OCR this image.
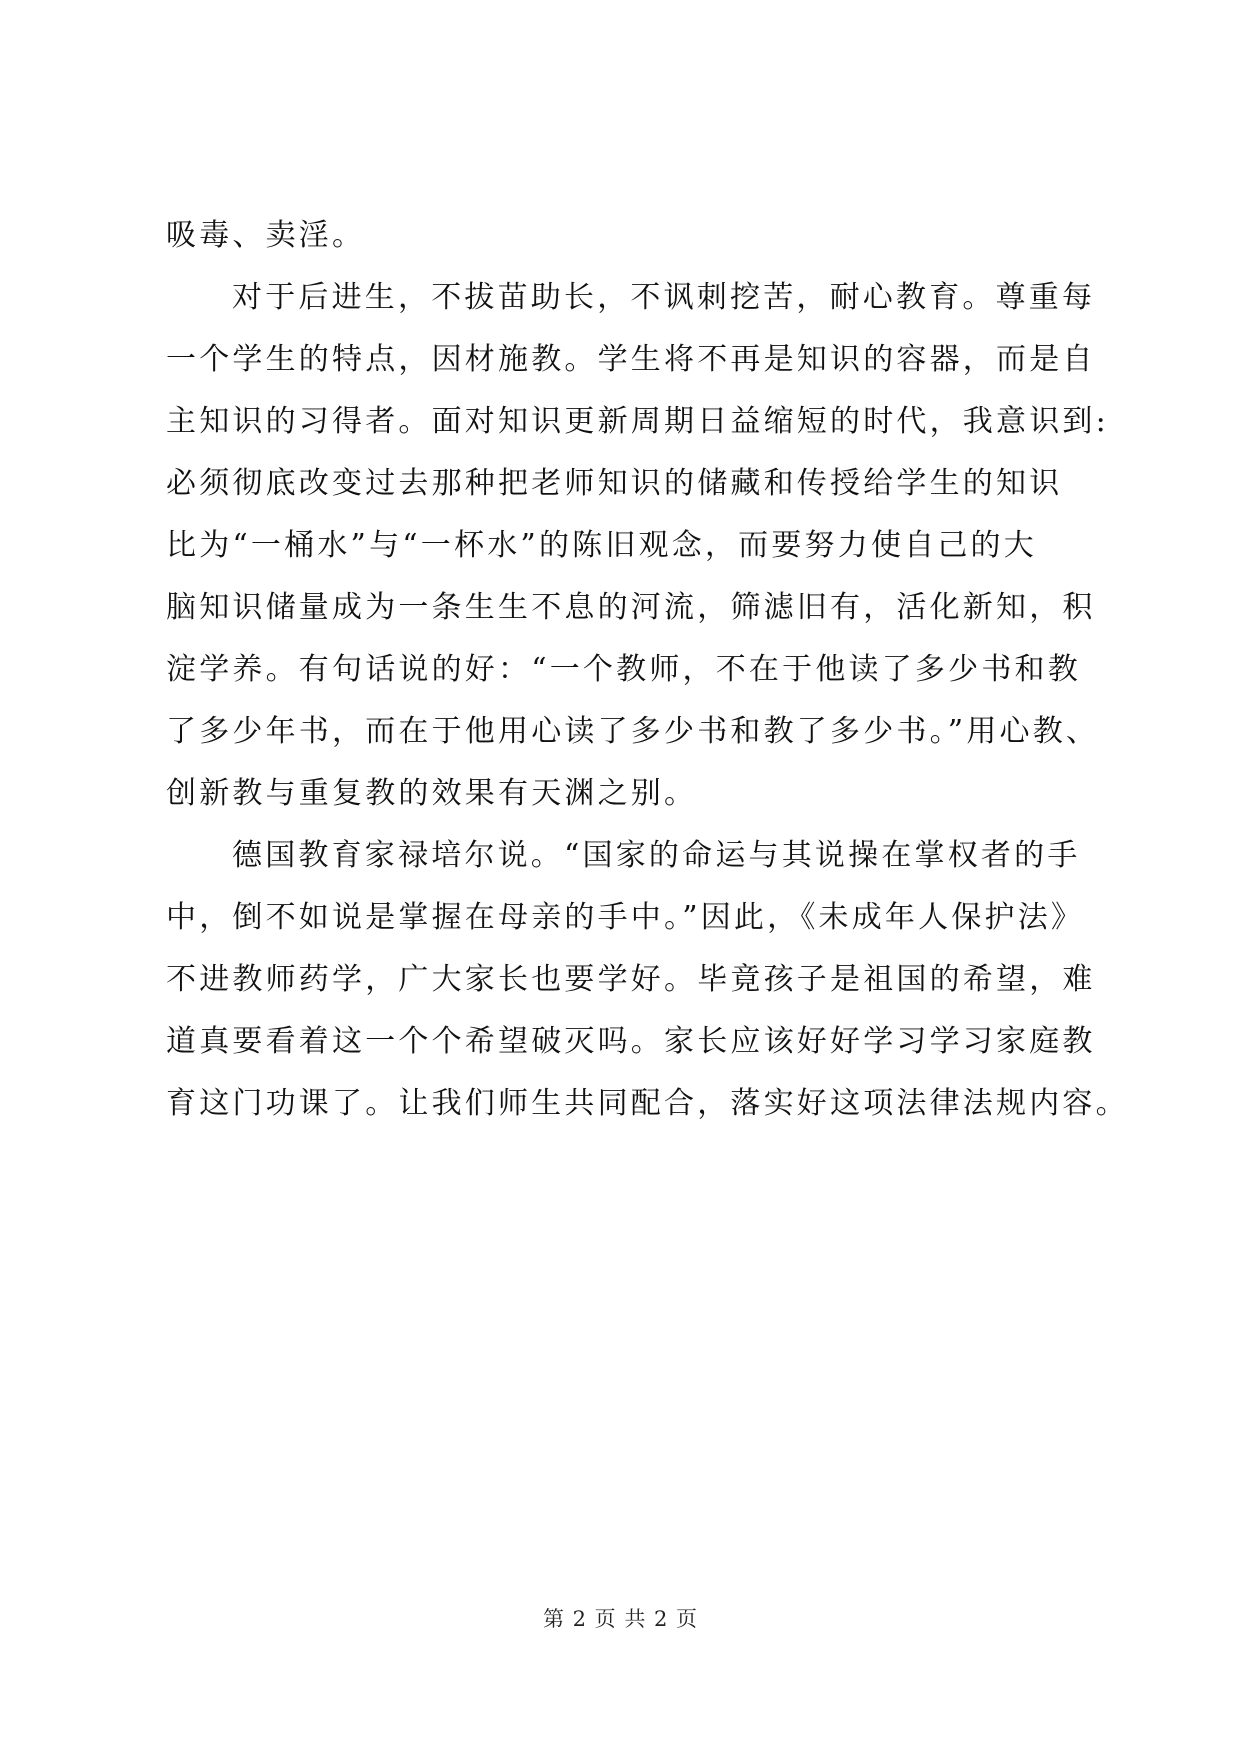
吸毒、卖淫。
对于后进生，不拔苗助长，不讽刺挖苦，耐心教育。尊重每
一个学生的特点，因材施教。学生将不再是知识的容器，而是自
主知识的习得者。面对知识更新周期日益缩短的时代，我意识到:
必须彻底改变过去那种把老师知识的储藏和传授给学生的知识
比为“一桶水”与“一杯水”的陈旧观念，而要努力使自己的大
脑知识储量成为一条生生不息的河流，筛滤旧有，活化新知，积
淀学养。有句话说的好：“一个教师，不在于他读了多少书和教
了多少年书，而在于他用心读了多少书和教了多少书。”用心教、
创新教与重复教的效果有天渊之别。
德国教育家禄培尔说。“国家的命运与其说操在掌权者的手
中，倒不如说是掌握在母亲的手中。”因此，《未成年人保护法》
不进教师药学，广大家长也要学好。毕竟孩子是祖国的希望，难
道真要看着这一个个希望破灭吗。家长应该好好学习学习家庭教
育这门功课了。让我们师生共同配合，落实好这项法律法规内容。
第 2 页 共 2 页
